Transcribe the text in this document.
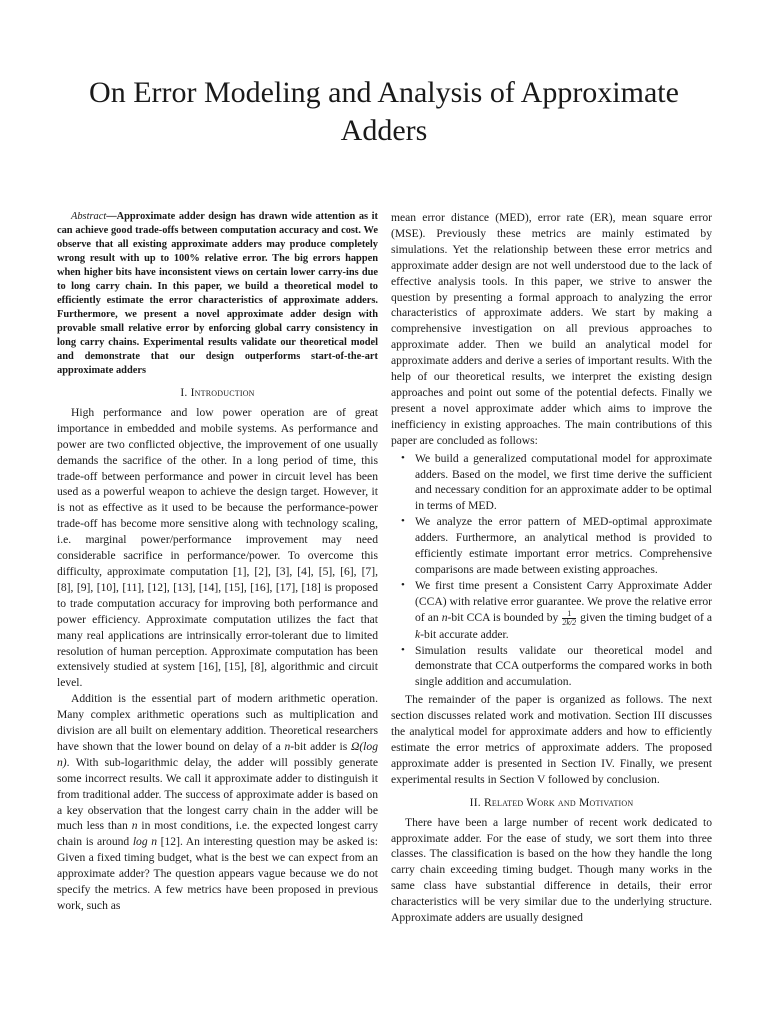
On Error Modeling and Analysis of Approximate
Adders

Abstract—Approximate adder design has drawn wide attention as it can achieve good trade-offs between computation accuracy and cost. We observe that all existing approximate adders may produce completely wrong result with up to 100% relative error. The big errors happen when higher bits have inconsistent views on certain lower carry-ins due to long carry chain. In this paper, we build a theoretical model to efficiently estimate the error characteristics of approximate adders. Furthermore, we present a novel approximate adder design with provable small relative error by enforcing global carry consistency in long carry chains. Experimental results validate our theoretical model and demonstrate that our design outperforms start-of-the-art approximate adders

I. Introduction

High performance and low power operation are of great importance in embedded and mobile systems. As performance and power are two conflicted objective, the improvement of one usually demands the sacrifice of the other. In a long period of time, this trade-off between performance and power in circuit level has been used as a powerful weapon to achieve the design target. However, it is not as effective as it used to be because the performance-power trade-off has become more sensitive along with technology scaling, i.e. marginal power/performance improvement may need considerable sacrifice in performance/power. To overcome this difficulty, approximate computation [1], [2], [3], [4], [5], [6], [7], [8], [9], [10], [11], [12], [13], [14], [15], [16], [17], [18] is proposed to trade computation accuracy for improving both performance and power efficiency. Approximate computation utilizes the fact that many real applications are intrinsically error-tolerant due to limited resolution of human perception. Approximate computation has been extensively studied at system [16], [15], [8], algorithmic and circuit level.

Addition is the essential part of modern arithmetic operation. Many complex arithmetic operations such as multiplication and division are all built on elementary addition. Theoretical researchers have shown that the lower bound on delay of a n-bit adder is Ω(log n). With sub-logarithmic delay, the adder will possibly generate some incorrect results. We call it approximate adder to distinguish it from traditional adder. The success of approximate adder is based on a key observation that the longest carry chain in the adder will be much less than n in most conditions, i.e. the expected longest carry chain is around log n [12]. An interesting question may be asked is: Given a fixed timing budget, what is the best we can expect from an approximate adder? The question appears vague because we do not specify the metrics. A few metrics have been proposed in previous work, such as

mean error distance (MED), error rate (ER), mean square error (MSE). Previously these metrics are mainly estimated by simulations. Yet the relationship between these error metrics and approximate adder design are not well understood due to the lack of effective analysis tools. In this paper, we strive to answer the question by presenting a formal approach to analyzing the error characteristics of approximate adders. We start by making a comprehensive investigation on all previous approaches to approximate adder. Then we build an analytical model for approximate adders and derive a series of important results. With the help of our theoretical results, we interpret the existing design approaches and point out some of the potential defects. Finally we present a novel approximate adder which aims to improve the inefficiency in existing approaches. The main contributions of this paper are concluded as follows:

• We build a generalized computational model for approximate adders. Based on the model, we first time derive the sufficient and necessary condition for an approximate adder to be optimal in terms of MED.
• We analyze the error pattern of MED-optimal approximate adders. Furthermore, an analytical method is provided to efficiently estimate important error metrics. Comprehensive comparisons are made between existing approaches.
• We first time present a Consistent Carry Approximate Adder (CCA) with relative error guarantee. We prove the relative error of an n-bit CCA is bounded by $\frac{1}{2k/2}$ given the timing budget of a k-bit accurate adder.
• Simulation results validate our theoretical model and demonstrate that CCA outperforms the compared works in both single addition and accumulation.

The remainder of the paper is organized as follows. The next section discusses related work and motivation. Section III discusses the analytical model for approximate adders and how to efficiently estimate the error metrics of approximate adders. The proposed approximate adder is presented in Section IV. Finally, we present experimental results in Section V followed by conclusion.

II. Related Work and Motivation

There have been a large number of recent work dedicated to approximate adder. For the ease of study, we sort them into three classes. The classification is based on the how they handle the long carry chain exceeding timing budget. Though many works in the same class have substantial difference in details, their error characteristics will be very similar due to the underlying structure. Approximate adders are usually designed
